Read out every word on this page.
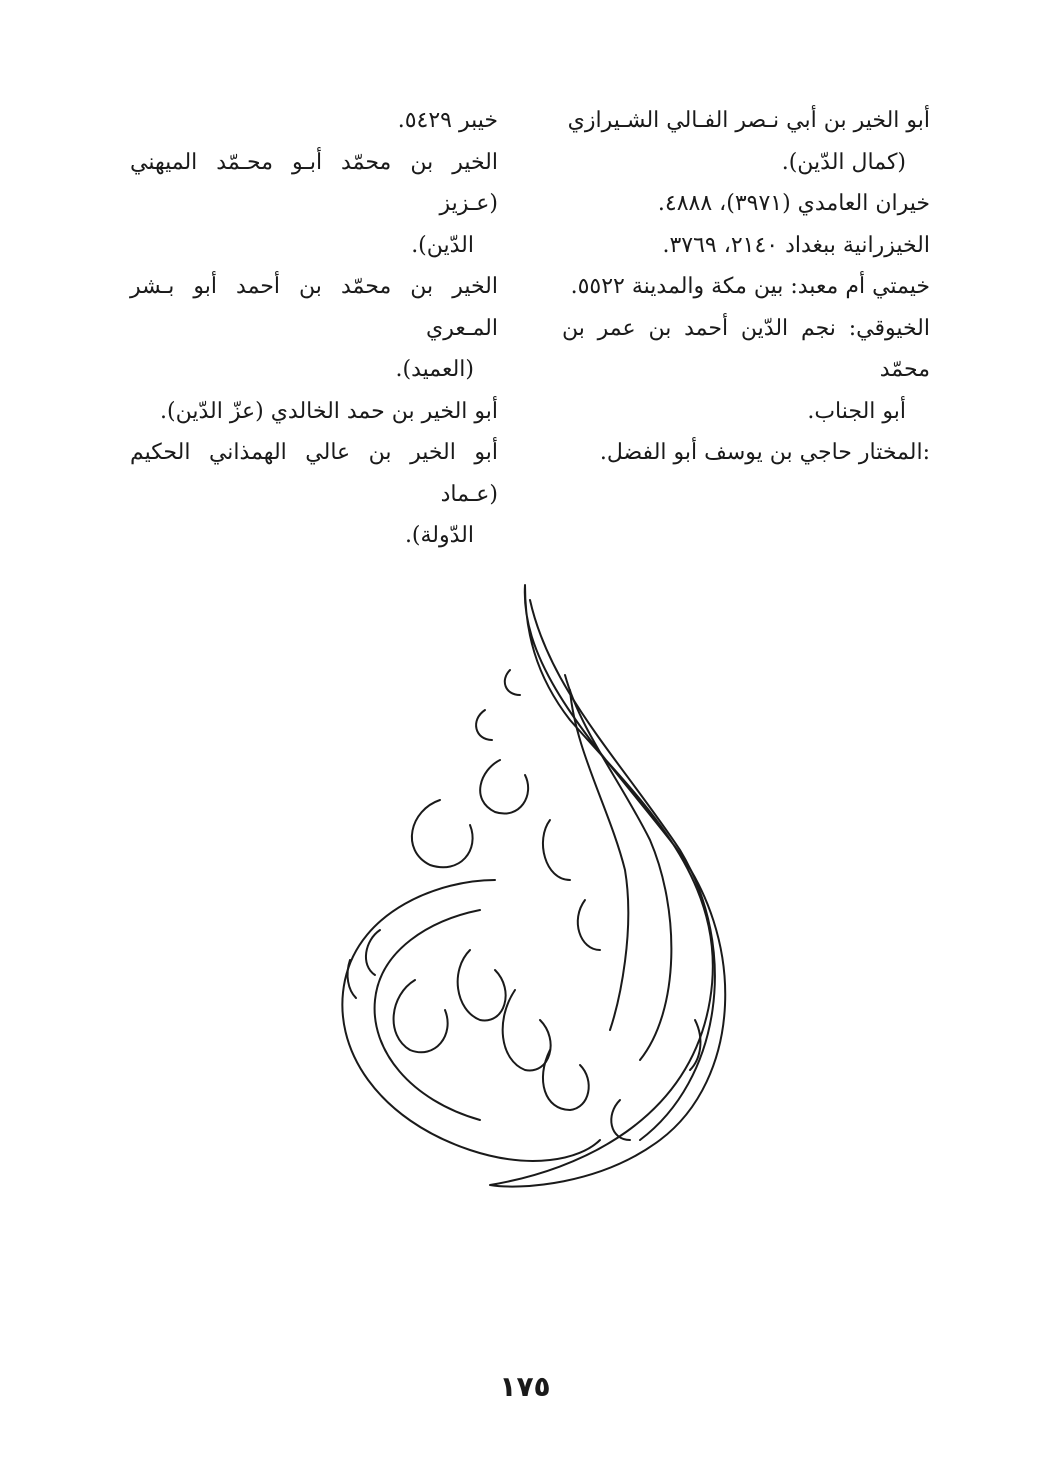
خيبر ٥٤٢٩.

الخير بن محمّد أبـو محـمّد الميهني (عـزيز
الدّين).

الخير بن محمّد بن أحمد أبو بـشر المـعري
(العميد).

أبو الخير بن حمد الخالدي (عزّ الدّين).

أبو الخير بن عالي الهمذاني الحكيم (عـماد
الدّولة).

أبو الخير بن أبي نـصر الفـالي الشـيرازي
(كمال الدّين).

خيران العامدي (٣٩٧١)، ٤٨٨٨.

الخيزرانية ببغداد ٢١٤٠، ٣٧٦٩.

خيمتي أم معبد: بين مكة والمدينة ٥٥٢٢.

الخيوقي: نجم الدّين أحمد بن عمر بن محمّد
أبو الجناب.

:المختار حاجي بن يوسف أبو الفضل.

١٧٥
